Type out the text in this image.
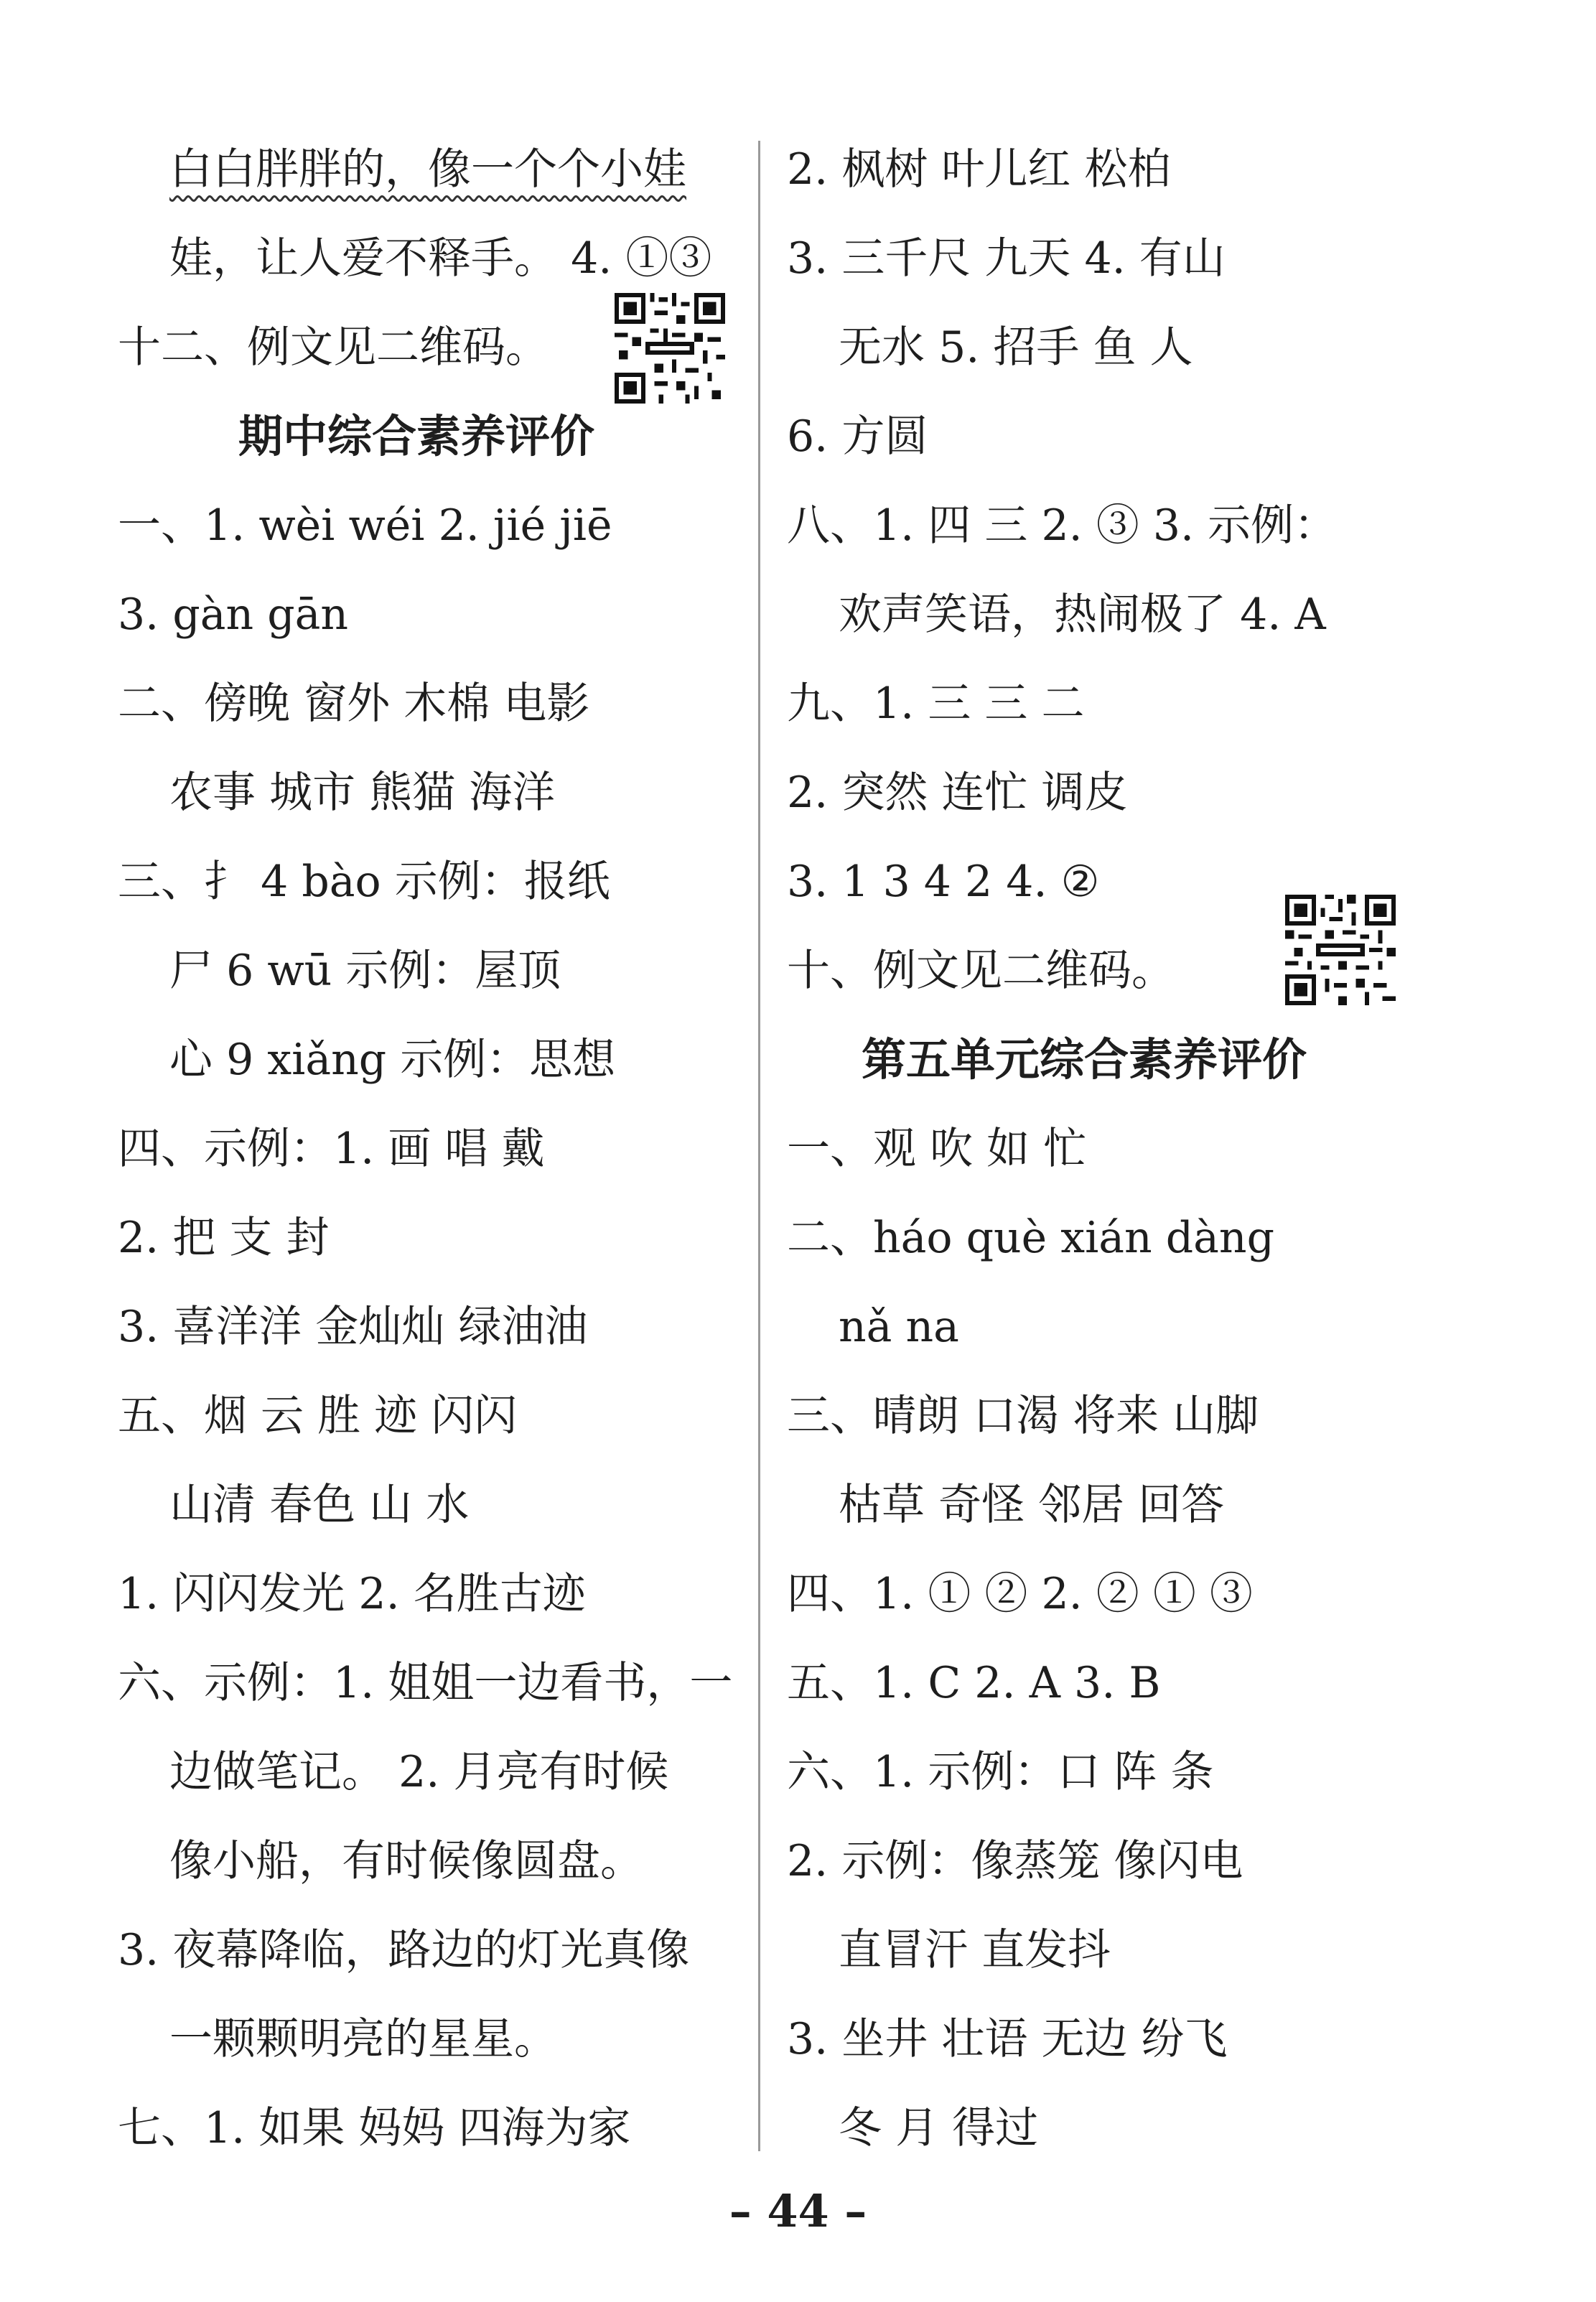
白白胖胖的，像一个个小娃
娃，让人爱不释手。 4. ①③
十二、例文见二维码。
期中综合素养评价
一、1. wèi wéi 2. jié jiē
3. gàn gān
二、傍晚 窗外 木棉 电影
农事 城市 熊猫 海洋
三、扌 4 bào 示例：报纸
尸 6 wū 示例：屋顶
心 9 xiǎng 示例：思想
四、示例：1. 画 唱 戴
2. 把 支 封
3. 喜洋洋 金灿灿 绿油油
五、烟 云 胜 迹 闪闪
山清 春色 山 水
1. 闪闪发光 2. 名胜古迹
六、示例：1. 姐姐一边看书，一
边做笔记。 2. 月亮有时候
像小船，有时候像圆盘。
3. 夜幕降临，路边的灯光真像
一颗颗明亮的星星。
七、1. 如果 妈妈 四海为家
2. 枫树 叶儿红 松柏
3. 三千尺 九天 4. 有山
无水 5. 招手 鱼 人
6. 方圆
八、1. 四 三 2. ③ 3. 示例：
欢声笑语，热闹极了 4. A
九、1. 三 三 二
2. 突然 连忙 调皮
3. 1 3 4 2 4. ②
十、例文见二维码。
第五单元综合素养评价
一、观 吹 如 忙
二、háo què xián dàng
nǎ na
三、晴朗 口渴 将来 山脚
枯草 奇怪 邻居 回答
四、1. ① ② 2. ② ① ③
五、1. C 2. A 3. B
六、1. 示例：口 阵 条
2. 示例：像蒸笼 像闪电
直冒汗 直发抖
3. 坐井 壮语 无边 纷飞
冬 月 得过
– 44 –
